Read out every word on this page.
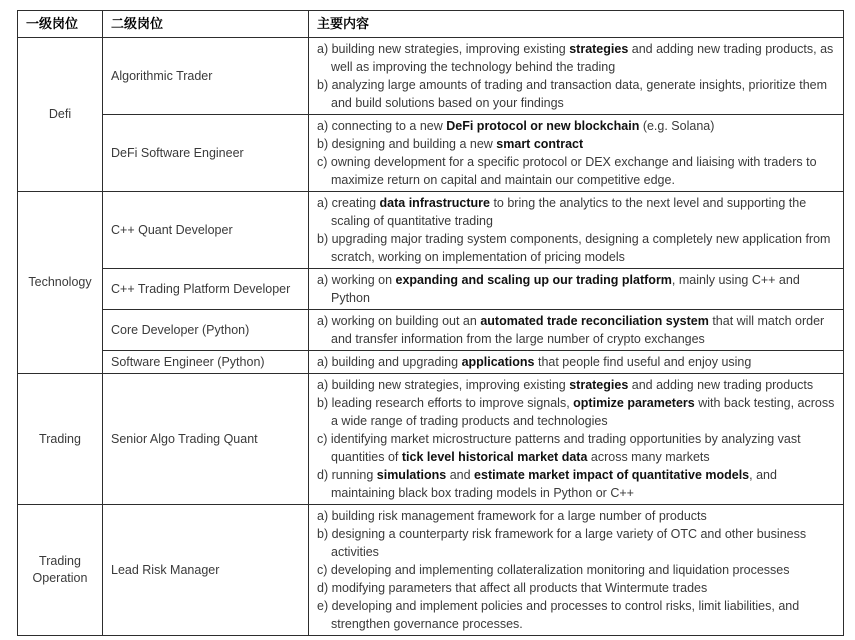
一级岗位	二级岗位	主要内容
Defi	Algorithmic Trader	a) building new strategies, improving existing strategies and adding new trading products, as well as improving the technology behind the trading
b) analyzing large amounts of trading and transaction data, generate insights, prioritize them and build solutions based on your findings

	DeFi Software Engineer	a) connecting to a new DeFi protocol or new blockchain (e.g. Solana)
b) designing and building a new smart contract
c) owning development for a specific protocol or DEX exchange and liaising with traders to maximize return on capital and maintain our competitive edge.

Technology	C++ Quant Developer	a) creating data infrastructure to bring the analytics to the next level and supporting the scaling of quantitative trading
b) upgrading major trading system components, designing a completely new application from scratch, working on implementation of pricing models

	C++ Trading Platform Developer	a) working on expanding and scaling up our trading platform, mainly using C++ and Python

	Core Developer (Python)	a) working on building out an automated trade reconciliation system that will match order and transfer information from the large number of crypto exchanges

	Software Engineer (Python)	a) building and upgrading applications that people find useful and enjoy using

Trading	Senior Algo Trading Quant	a) building new strategies, improving existing strategies and adding new trading products
b) leading research efforts to improve signals, optimize parameters with back testing, across a wide range of trading products and technologies
c) identifying market microstructure patterns and trading opportunities by analyzing vast quantities of tick level historical market data across many markets
d) running simulations and estimate market impact of quantitative models, and maintaining black box trading models in Python or C++

Trading Operation	Lead Risk Manager	a) building risk management framework for a large number of products
b) designing a counterparty risk framework for a large variety of OTC and other business activities
c) developing and implementing collateralization monitoring and liquidation processes
d) modifying parameters that affect all products that Wintermute trades
e) developing and implement policies and processes to control risks, limit liabilities, and strengthen governance processes.
